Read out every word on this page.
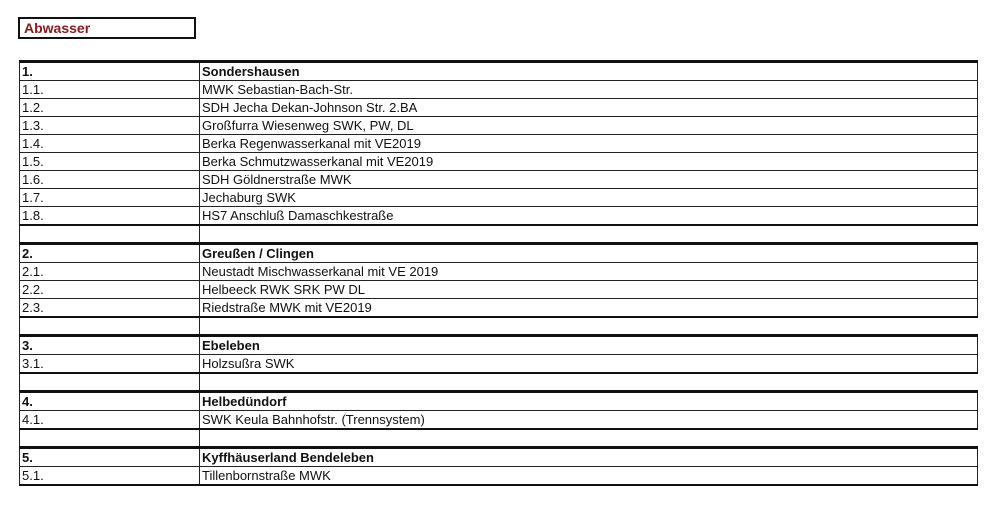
Abwasser
1.	Sondershausen
1.1.	MWK Sebastian-Bach-Str.
1.2.	SDH Jecha Dekan-Johnson Str. 2.BA
1.3.	Großfurra Wiesenweg SWK, PW, DL
1.4.	Berka Regenwasserkanal mit VE2019
1.5.	Berka Schmutzwasserkanal mit VE2019
1.6.	SDH Göldnerstraße MWK
1.7.	Jechaburg SWK
1.8.	HS7 Anschluß Damaschkestraße

2.	Greußen / Clingen
2.1.	Neustadt Mischwasserkanal mit VE 2019
2.2.	Helbeeck RWK SRK PW DL
2.3.	Riedstraße MWK mit VE2019

3.	Ebeleben
3.1.	Holzsußra SWK

4.	Helbedündorf
4.1.	SWK Keula Bahnhofstr. (Trennsystem)

5.	Kyffhäuserland Bendeleben
5.1.	Tillenbornstraße MWK
